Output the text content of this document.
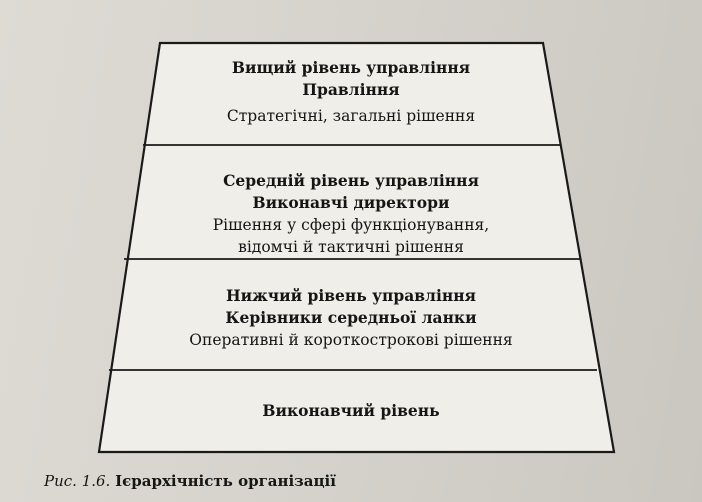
Вищий рівень управління
Правління
Стратегічні, загальні рішення
Середній рівень управління
Виконавчі директори
Рішення у сфері функціонування,
відомчі й тактичні рішення
Нижчий рівень управління
Керівники середньої ланки
Оперативні й короткострокові рішення
Виконавчий рівень
Рис. 1.6. Ієрархічність організації
